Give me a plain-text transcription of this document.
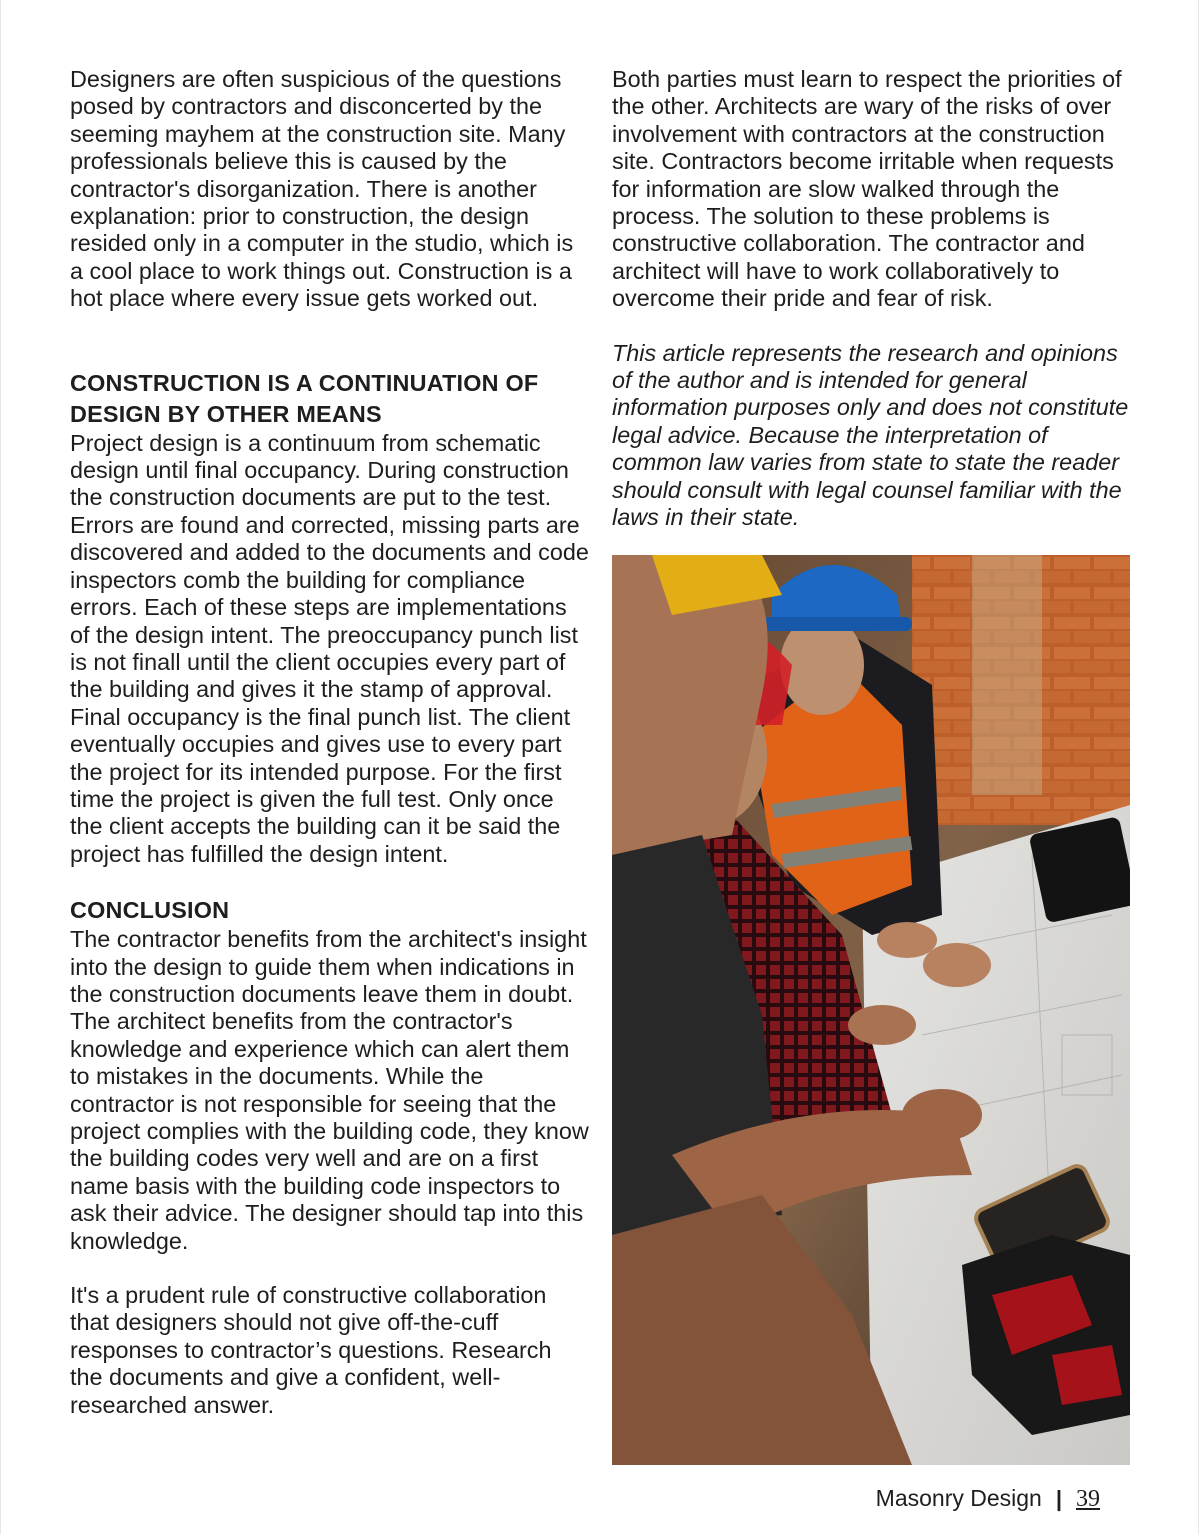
Designers are often suspicious of the questions posed by contractors and disconcerted by the seeming mayhem at the construction site. Many professionals believe this is caused by the contractor's disorganization. There is another explanation: prior to construction, the design resided only in a computer in the studio, which is a cool place to work things out. Construction is a hot place where every issue gets worked out.

CONSTRUCTION IS A CONTINUATION OF
DESIGN BY OTHER MEANS

Project design is a continuum from schematic design until final occupancy. During construction the construction documents are put to the test. Errors are found and corrected, missing parts are discovered and added to the documents and code inspectors comb the building for compliance errors. Each of these steps are implementations of the design intent. The preoccupancy punch list is not finall until the client occupies every part of the building and gives it the stamp of approval. Final occupancy is the final punch list. The client eventually occupies and gives use to every part the project for its intended purpose. For the first time the project is given the full test. Only once the client accepts the building can it be said the project has fulfilled the design intent.

CONCLUSION

The contractor benefits from the architect's insight into the design to guide them when indications in the construction documents leave them in doubt. The architect benefits from the contractor's knowledge and experience which can alert them to mistakes in the documents. While the contractor is not responsible for seeing that the project complies with the building code, they know the building codes very well and are on a first name basis with the building code inspectors to ask their advice. The designer should tap into this knowledge.

It's a prudent rule of constructive collaboration that designers should not give off-the-cuff responses to contractor’s questions. Research the documents and give a confident, well-researched answer.

Both parties must learn to respect the priorities of the other. Architects are wary of the risks of over involvement with contractors at the construction site. Contractors become irritable when requests for information are slow walked through the process. The solution to these problems is constructive collaboration. The contractor and architect will have to work collaboratively to overcome their pride and fear of risk.

This article represents the research and opinions of the author and is intended for general information purposes only and does not constitute legal advice. Because the interpretation of common law varies from state to state the reader should consult with legal counsel familiar with the laws in their state.

Masonry Design | 39
